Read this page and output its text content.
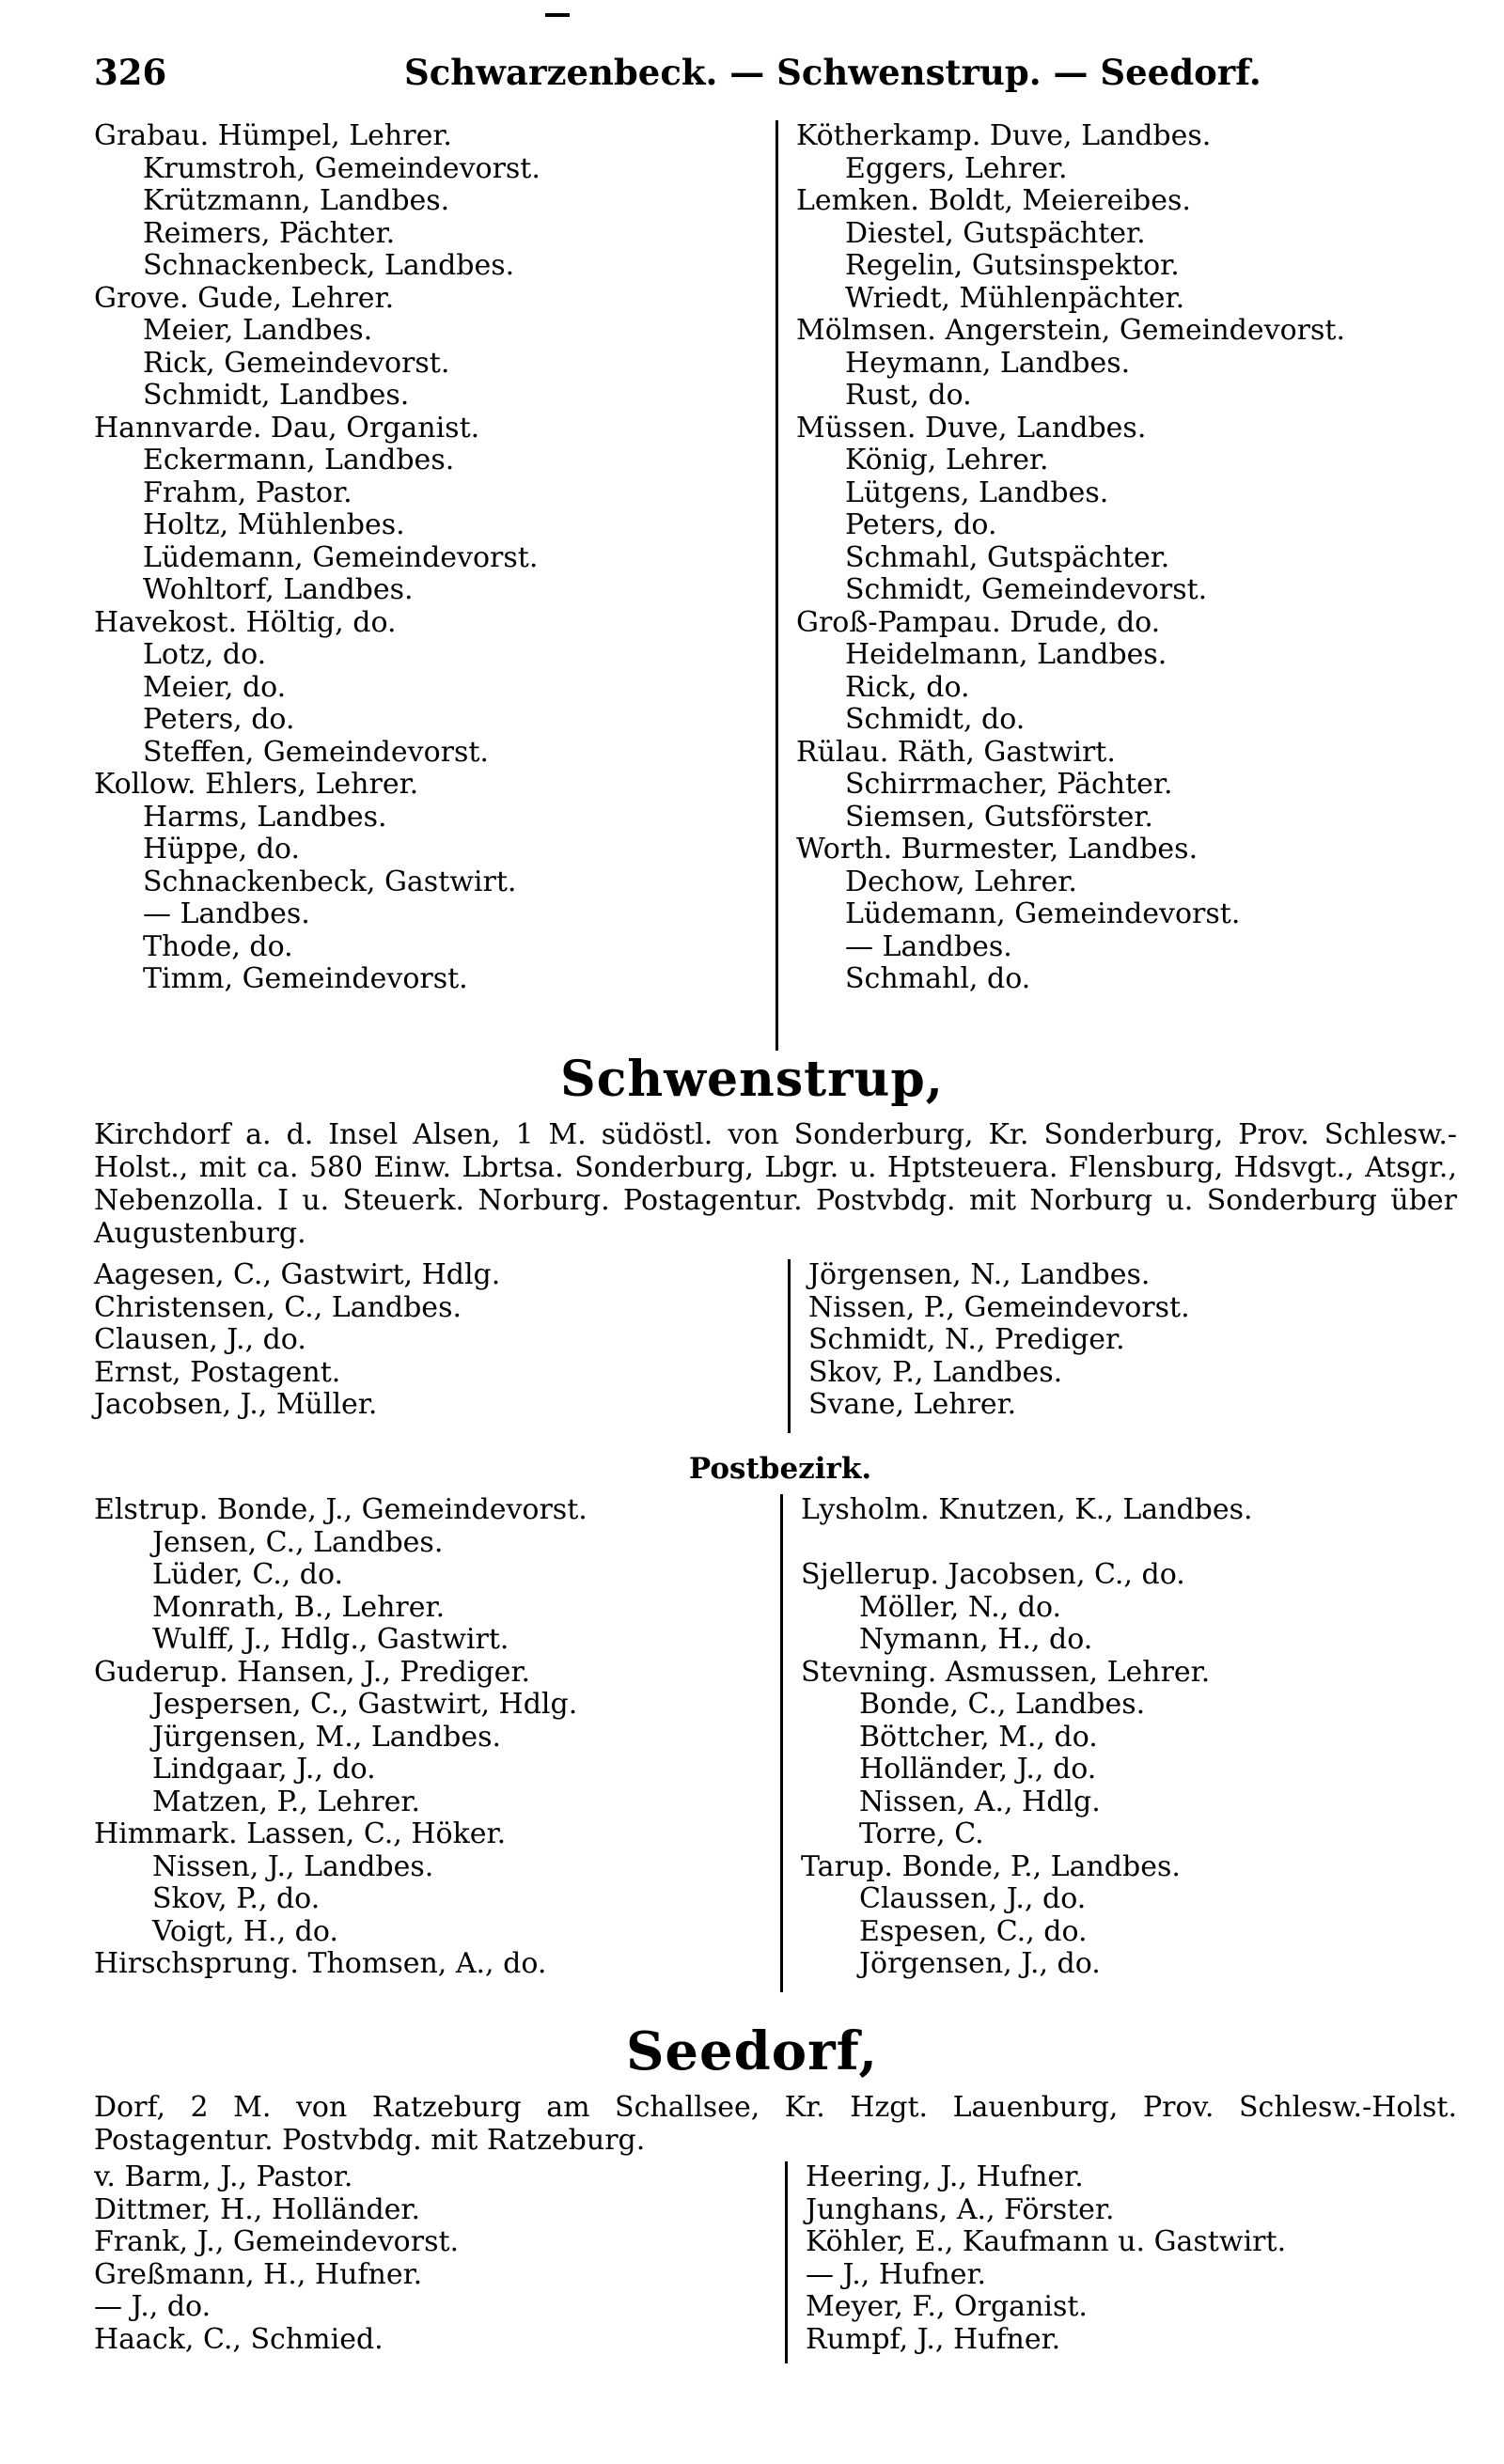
326	Schwarzenbeck. — Schwenstrup. — Seedorf.
Grabau. Hümpel, Lehrer.
Krumstroh, Gemeindevorst.
Krützmann, Landbes.
Reimers, Pächter.
Schnackenbeck, Landbes.
Grove. Gude, Lehrer.
Meier, Landbes.
Rick, Gemeindevorst.
Schmidt, Landbes.
Hannvarde. Dau, Organist.
Eckermann, Landbes.
Frahm, Pastor.
Holtz, Mühlenbes.
Lüdemann, Gemeindevorst.
Wohltorf, Landbes.
Havekost. Höltig, do.
Lotz, do.
Meier, do.
Peters, do.
Steffen, Gemeindevorst.
Kollow. Ehlers, Lehrer.
Harms, Landbes.
Hüppe, do.
Schnackenbeck, Gastwirt.
— Landbes.
Thode, do.
Timm, Gemeindevorst.
Kötherkamp. Duve, Landbes.
Eggers, Lehrer.
Lemken. Boldt, Meiereibes.
Diestel, Gutspächter.
Regelin, Gutsinspektor.
Wriedt, Mühlenpächter.
Mölmsen. Angerstein, Gemeindevorst.
Heymann, Landbes.
Rust, do.
Müssen. Duve, Landbes.
König, Lehrer.
Lütgens, Landbes.
Peters, do.
Schmahl, Gutspächter.
Schmidt, Gemeindevorst.
Groß-Pampau. Drude, do.
Heidelmann, Landbes.
Rick, do.
Schmidt, do.
Rülau. Räth, Gastwirt.
Schirrmacher, Pächter.
Siemsen, Gutsförster.
Worth. Burmester, Landbes.
Dechow, Lehrer.
Lüdemann, Gemeindevorst.
— Landbes.
Schmahl, do.
Schwenstrup,
Kirchdorf a. d. Insel Alsen, 1 M. südöstl. von Sonderburg, Kr. Sonderburg, Prov. Schlesw.-Holst., mit ca. 580 Einw. Lbrtsa. Sonderburg, Lbgr. u. Hptsteuera. Flensburg, Hdsvgt., Atsgr., Nebenzolla. I u. Steuerk. Norburg. Postagentur. Postvbdg. mit Norburg u. Sonderburg über Augustenburg.
Aagesen, C., Gastwirt, Hdlg.
Christensen, C., Landbes.
Clausen, J., do.
Ernst, Postagent.
Jacobsen, J., Müller.
Jörgensen, N., Landbes.
Nissen, P., Gemeindevorst.
Schmidt, N., Prediger.
Skov, P., Landbes.
Svane, Lehrer.
Postbezirk.
Elstrup. Bonde, J., Gemeindevorst.
Jensen, C., Landbes.
Lüder, C., do.
Monrath, B., Lehrer.
Wulff, J., Hdlg., Gastwirt.
Guderup. Hansen, J., Prediger.
Jespersen, C., Gastwirt, Hdlg.
Jürgensen, M., Landbes.
Lindgaar, J., do.
Matzen, P., Lehrer.
Himmark. Lassen, C., Höker.
Nissen, J., Landbes.
Skov, P., do.
Voigt, H., do.
Hirschsprung. Thomsen, A., do.
Lysholm. Knutzen, K., Landbes.

Sjellerup. Jacobsen, C., do.
Möller, N., do.
Nymann, H., do.
Stevning. Asmussen, Lehrer.
Bonde, C., Landbes.
Böttcher, M., do.
Holländer, J., do.
Nissen, A., Hdlg.
Torre, C.
Tarup. Bonde, P., Landbes.
Claussen, J., do.
Espesen, C., do.
Jörgensen, J., do.
Seedorf,
Dorf, 2 M. von Ratzeburg am Schallsee, Kr. Hzgt. Lauenburg, Prov. Schlesw.-Holst. Postagentur. Postvbdg. mit Ratzeburg.
v. Barm, J., Pastor.
Dittmer, H., Holländer.
Frank, J., Gemeindevorst.
Greßmann, H., Hufner.
— J., do.
Haack, C., Schmied.
Heering, J., Hufner.
Junghans, A., Förster.
Köhler, E., Kaufmann u. Gastwirt.
— J., Hufner.
Meyer, F., Organist.
Rumpf, J., Hufner.
